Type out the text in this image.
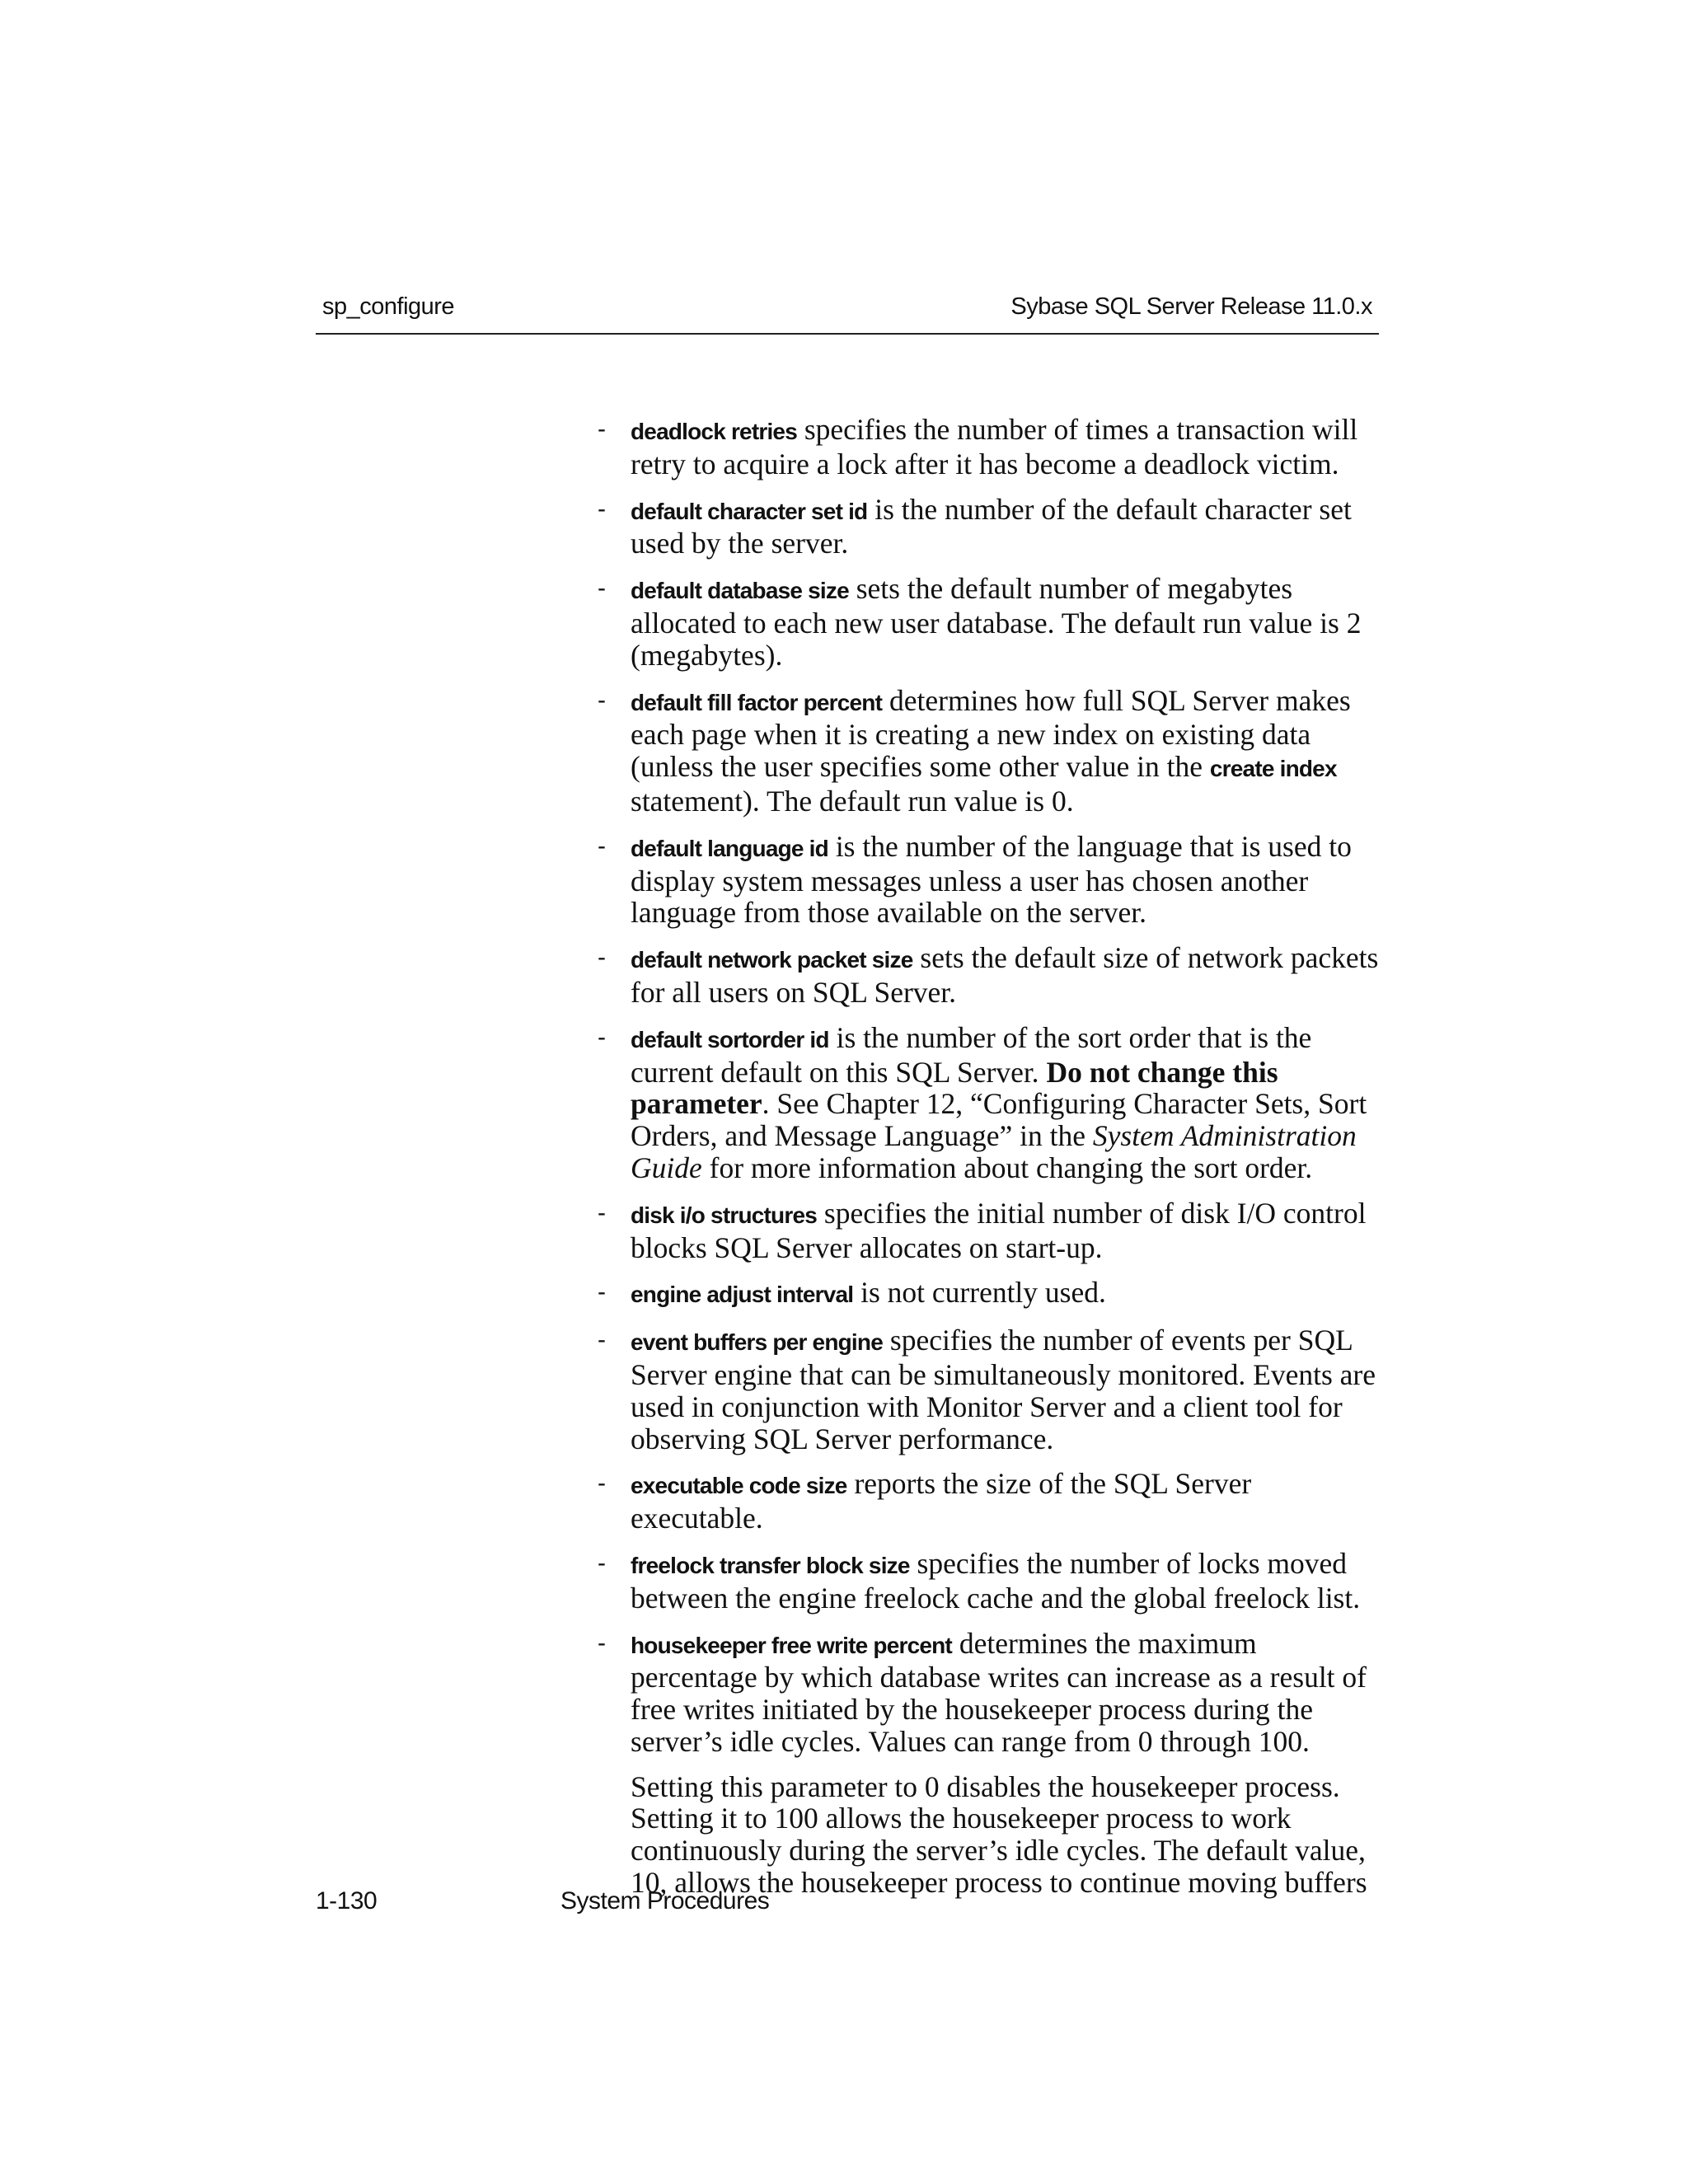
sp_configure	Sybase SQL Server Release 11.0.x
- deadlock retries specifies the number of times a transaction will retry to acquire a lock after it has become a deadlock victim.
- default character set id is the number of the default character set used by the server.
- default database size sets the default number of megabytes allocated to each new user database. The default run value is 2 (megabytes).
- default fill factor percent determines how full SQL Server makes each page when it is creating a new index on existing data (unless the user specifies some other value in the create index statement). The default run value is 0.
- default language id is the number of the language that is used to display system messages unless a user has chosen another language from those available on the server.
- default network packet size sets the default size of network packets for all users on SQL Server.
- default sortorder id is the number of the sort order that is the current default on this SQL Server. Do not change this parameter. See Chapter 12, “Configuring Character Sets, Sort Orders, and Message Language” in the System Administration Guide for more information about changing the sort order.
- disk i/o structures specifies the initial number of disk I/O control blocks SQL Server allocates on start-up.
- engine adjust interval is not currently used.
- event buffers per engine specifies the number of events per SQL Server engine that can be simultaneously monitored. Events are used in conjunction with Monitor Server and a client tool for observing SQL Server performance.
- executable code size reports the size of the SQL Server executable.
- freelock transfer block size specifies the number of locks moved between the engine freelock cache and the global freelock list.
- housekeeper free write percent determines the maximum percentage by which database writes can increase as a result of free writes initiated by the housekeeper process during the server’s idle cycles. Values can range from 0 through 100.
Setting this parameter to 0 disables the housekeeper process. Setting it to 100 allows the housekeeper process to work continuously during the server’s idle cycles. The default value, 10, allows the housekeeper process to continue moving buffers
1-130	System Procedures
